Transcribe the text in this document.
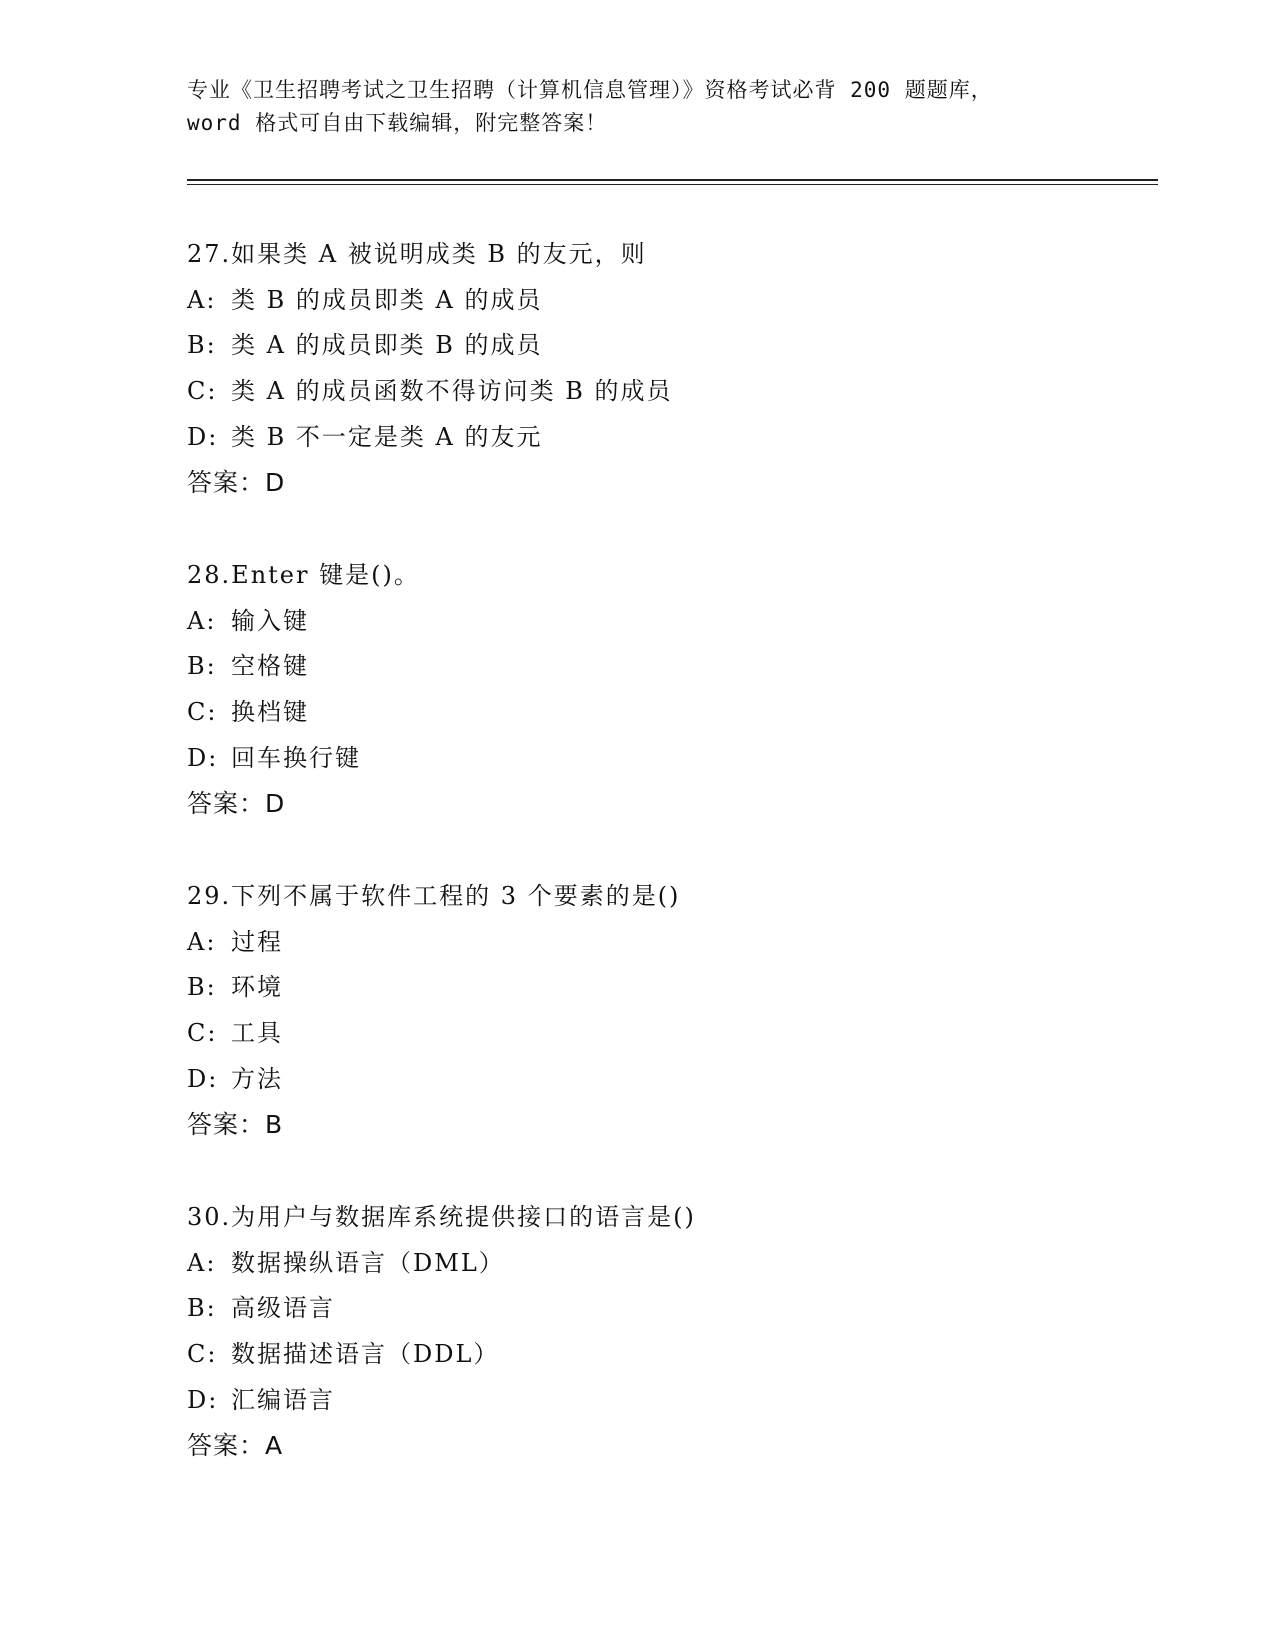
专业《卫生招聘考试之卫生招聘（计算机信息管理）》资格考试必背 200 题题库，
word 格式可自由下载编辑，附完整答案！
27.如果类 A 被说明成类 B 的友元，则
A: 类 B 的成员即类 A 的成员
B: 类 A 的成员即类 B 的成员
C: 类 A 的成员函数不得访问类 B 的成员
D: 类 B 不一定是类 A 的友元
答案：D
28.Enter 键是()。
A: 输入键
B: 空格键
C: 换档键
D: 回车换行键
答案：D
29.下列不属于软件工程的 3 个要素的是()
A: 过程
B: 环境
C: 工具
D: 方法
答案：B
30.为用户与数据库系统提供接口的语言是()
A: 数据操纵语言（DML）
B: 高级语言
C: 数据描述语言（DDL）
D: 汇编语言
答案：A
